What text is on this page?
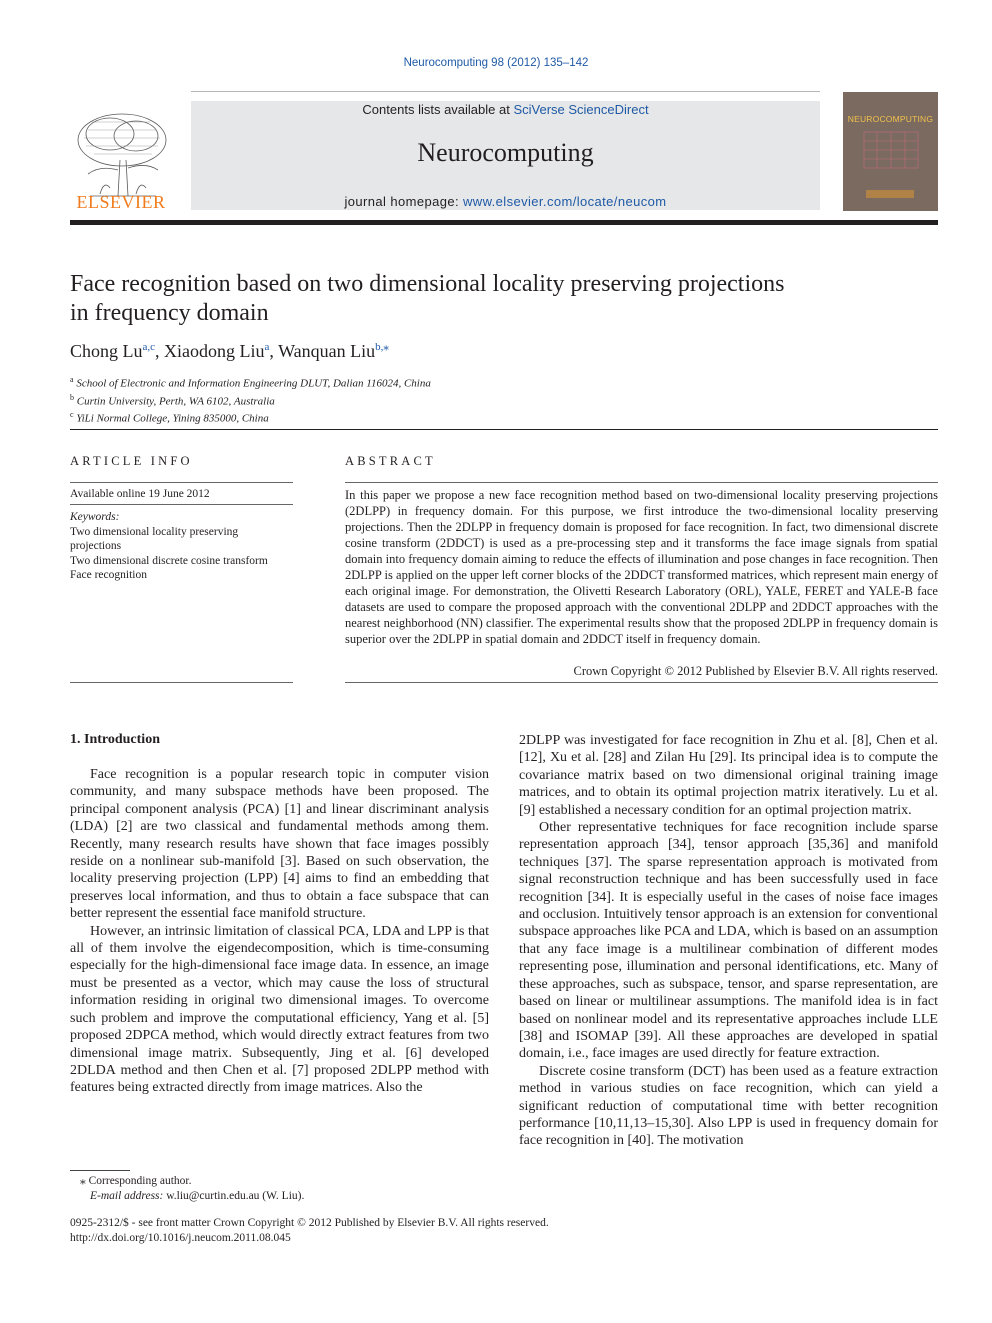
Neurocomputing 98 (2012) 135–142
Contents lists available at SciVerse ScienceDirect
Neurocomputing
journal homepage: www.elsevier.com/locate/neucom
ELSEVIER
NEUROCOMPUTING
Face recognition based on two dimensional locality preserving projections
in frequency domain
Chong Lu$^{a,c}$, Xiaodong Liu$^a$, Wanquan Liu$^{b,⁎}$
$^a$ School of Electronic and Information Engineering DLUT, Dalian 116024, China
$^b$ Curtin University, Perth, WA 6102, Australia
$^c$ YiLi Normal College, Yining 835000, China
ARTICLE INFO
Available online 19 June 2012
Keywords:
Two dimensional locality preserving
projections
Two dimensional discrete cosine transform
Face recognition
ABSTRACT
In this paper we propose a new face recognition method based on two-dimensional locality preserving projections (2DLPP) in frequency domain. For this purpose, we first introduce the two-dimensional locality preserving projections. Then the 2DLPP in frequency domain is proposed for face recognition. In fact, two dimensional discrete cosine transform (2DDCT) is used as a pre-processing step and it transforms the face image signals from spatial domain into frequency domain aiming to reduce the effects of illumination and pose changes in face recognition. Then 2DLPP is applied on the upper left corner blocks of the 2DDCT transformed matrices, which represent main energy of each original image. For demonstration, the Olivetti Research Laboratory (ORL), YALE, FERET and YALE-B face datasets are used to compare the proposed approach with the conventional 2DLPP and 2DDCT approaches with the nearest neighborhood (NN) classifier. The experimental results show that the proposed 2DLPP in frequency domain is superior over the 2DLPP in spatial domain and 2DDCT itself in frequency domain.
Crown Copyright © 2012 Published by Elsevier B.V. All rights reserved.
1. Introduction

Face recognition is a popular research topic in computer vision community, and many subspace methods have been proposed. The principal component analysis (PCA) [1] and linear discriminant analysis (LDA) [2] are two classical and fundamental methods among them. Recently, many research results have shown that face images possibly reside on a nonlinear sub-manifold [3]. Based on such observation, the locality preserving projection (LPP) [4] aims to find an embedding that preserves local information, and thus to obtain a face subspace that can better represent the essential face manifold structure.

However, an intrinsic limitation of classical PCA, LDA and LPP is that all of them involve the eigendecomposition, which is time-consuming especially for the high-dimensional face image data. In essence, an image must be presented as a vector, which may cause the loss of structural information residing in original two dimensional images. To overcome such problem and improve the computational efficiency, Yang et al. [5] proposed 2DPCA method, which would directly extract features from two dimensional image matrix. Subsequently, Jing et al. [6] developed 2DLDA method and then Chen et al. [7] proposed 2DLPP method with features being extracted directly from image matrices. Also the

2DLPP was investigated for face recognition in Zhu et al. [8], Chen et al. [12], Xu et al. [28] and Zilan Hu [29]. Its principal idea is to compute the covariance matrix based on two dimensional original training image matrices, and to obtain its optimal projection matrix iteratively. Lu et al. [9] established a necessary condition for an optimal projection matrix.

Other representative techniques for face recognition include sparse representation approach [34], tensor approach [35,36] and manifold techniques [37]. The sparse representation approach is motivated from signal reconstruction technique and has been successfully used in face recognition [34]. It is especially useful in the cases of noise face images and occlusion. Intuitively tensor approach is an extension for conventional subspace approaches like PCA and LDA, which is based on an assumption that any face image is a multilinear combination of different modes representing pose, illumination and personal identifications, etc. Many of these approaches, such as subspace, tensor, and sparse representation, are based on linear or multilinear assumptions. The manifold idea is in fact based on nonlinear model and its representative approaches include LLE [38] and ISOMAP [39]. All these approaches are developed in spatial domain, i.e., face images are used directly for feature extraction.

Discrete cosine transform (DCT) has been used as a feature extraction method in various studies on face recognition, which can yield a significant reduction of computational time with better recognition performance [10,11,13–15,30]. Also LPP is used in frequency domain for face recognition in [40]. The motivation

⁎ Corresponding author.
E-mail address: w.liu@curtin.edu.au (W. Liu).
0925-2312/$ - see front matter Crown Copyright © 2012 Published by Elsevier B.V. All rights reserved.
http://dx.doi.org/10.1016/j.neucom.2011.08.045
